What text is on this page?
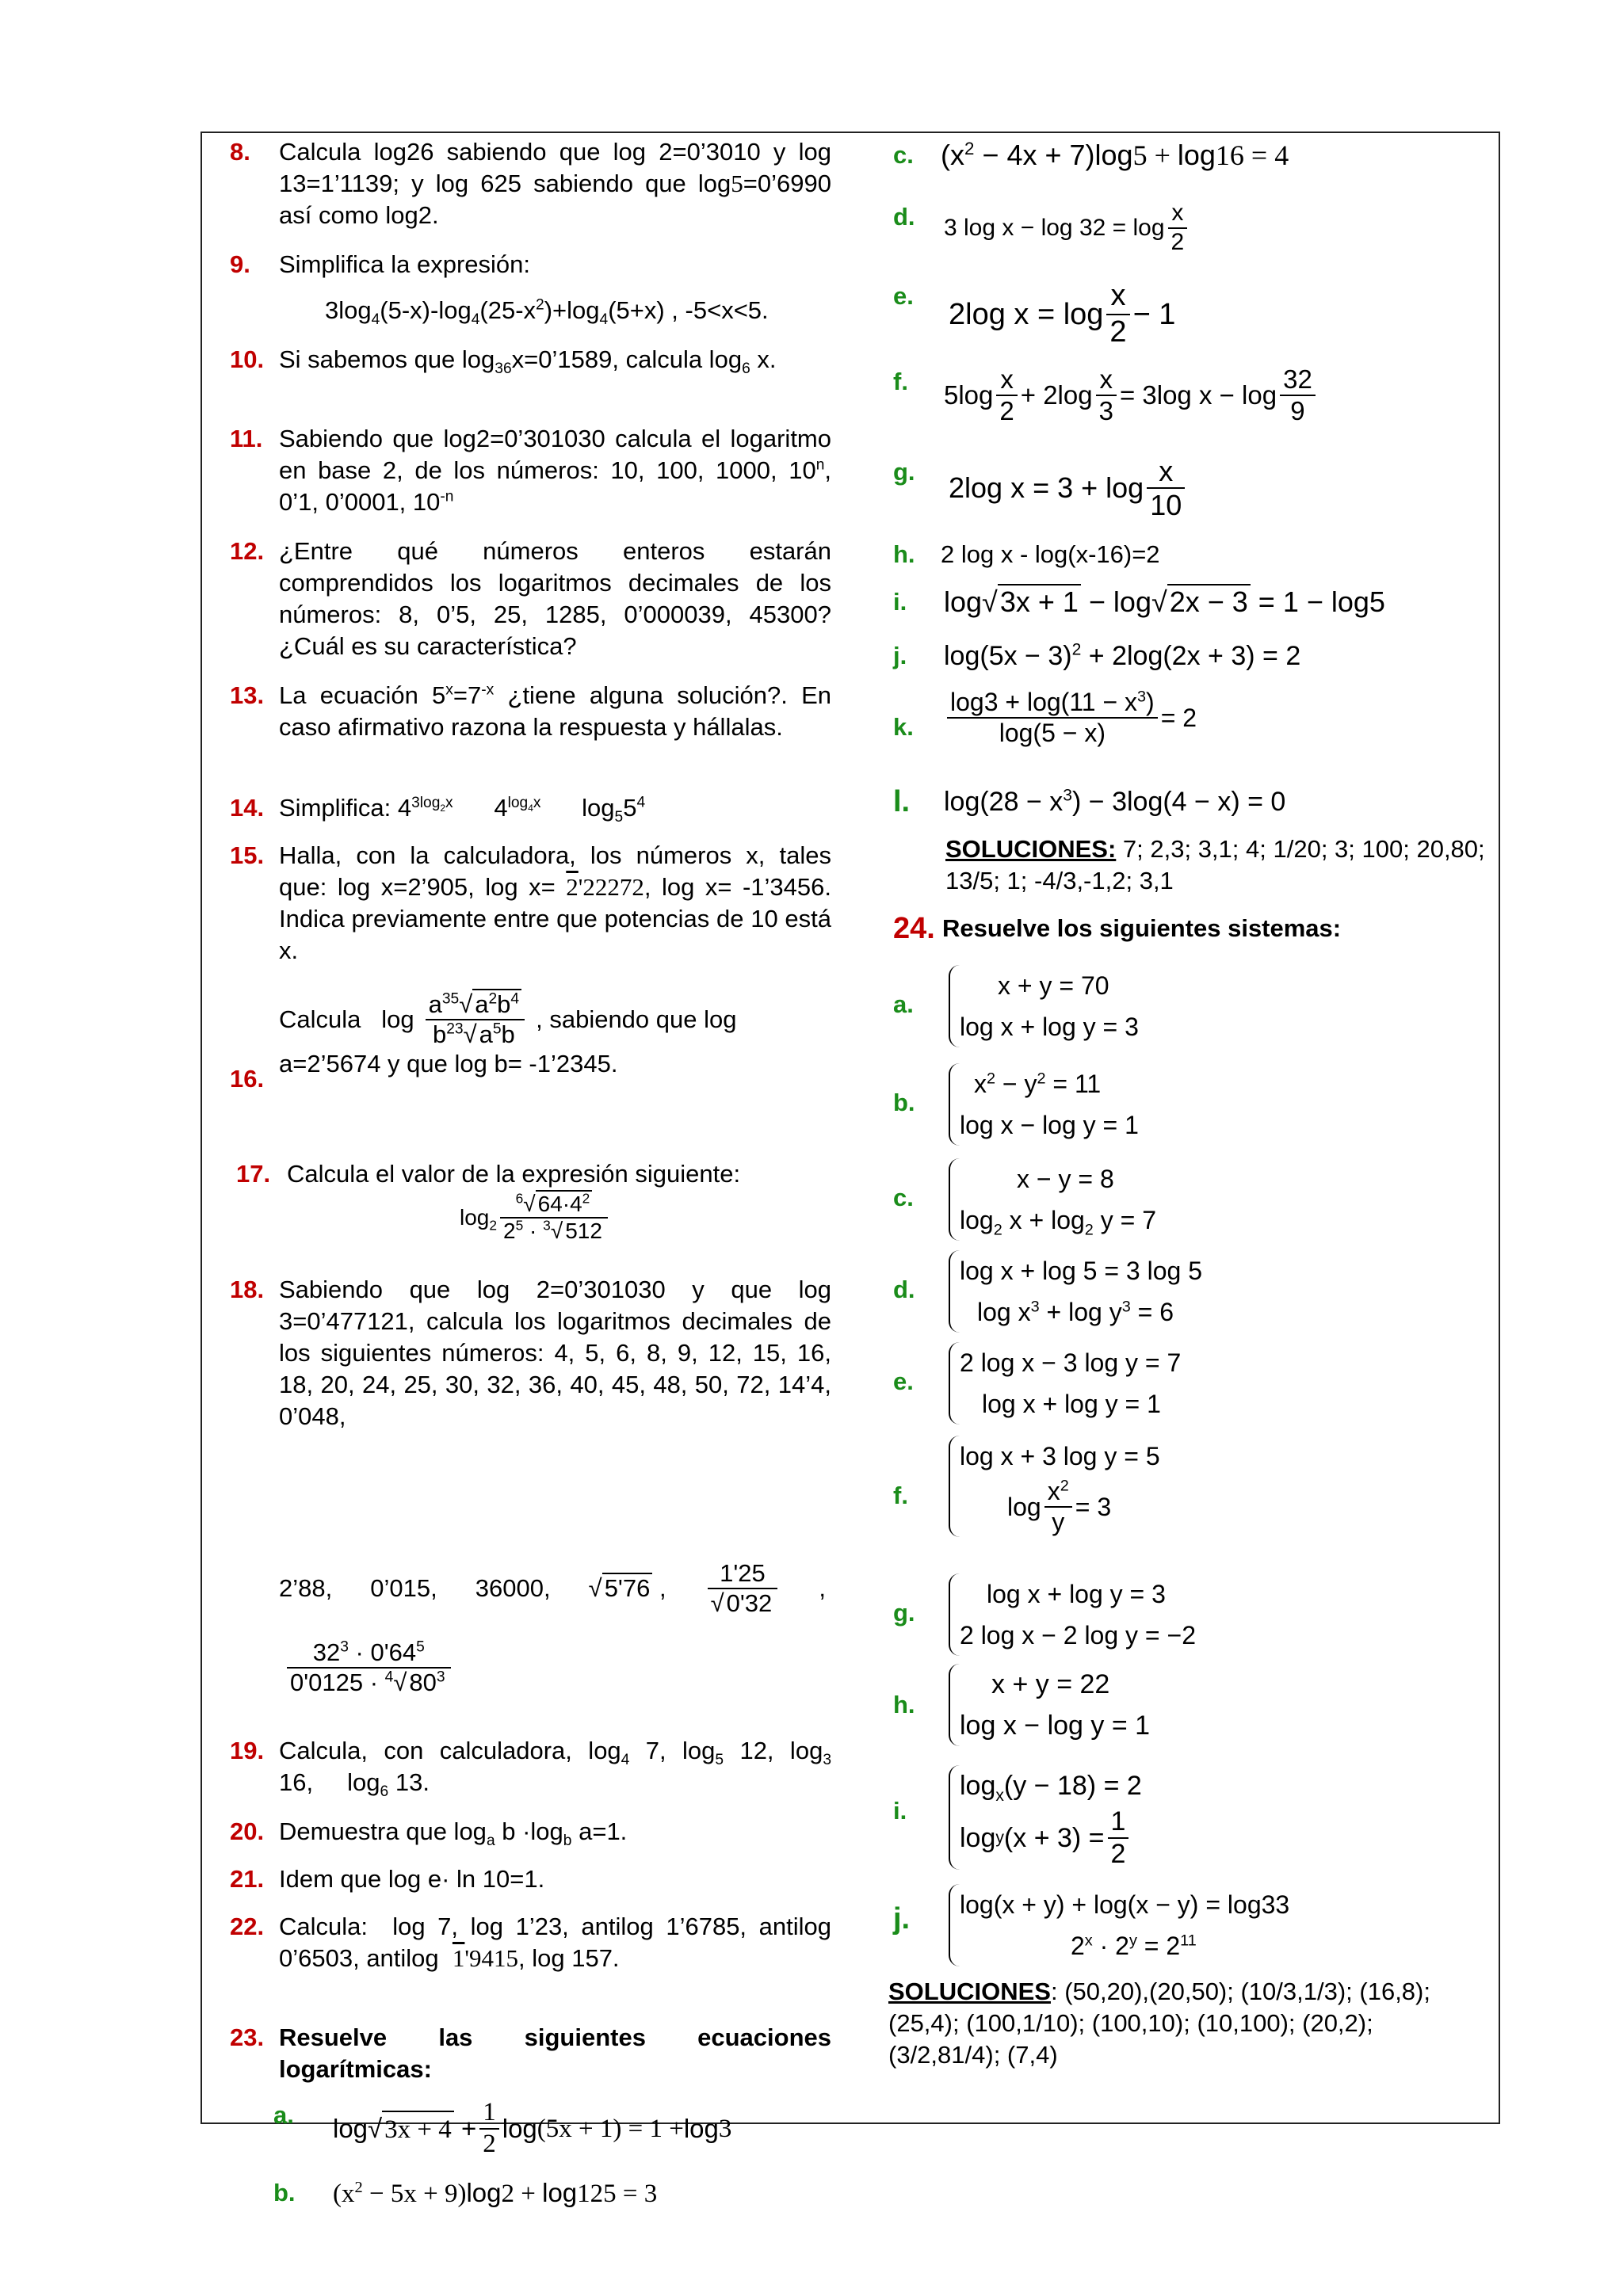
8. Calcula log26 sabiendo que log 2=0’3010 y log 13=1’1139; y log 625 sabiendo que log5=0’6990 así como log2.
9. Simplifica la expresión:
$3\log_4(5-x)-\log_4(25-x^2)+\log_4(5+x)$ , -5<x<5.
10. Si sabemos que $\log_{36}x=0’1589$, calcula $\log_6 x$.
11. Sabiendo que log2=0’301030 calcula el logaritmo en base 2, de los números: 10, 100, 1000, 10$^n$, 0’1, 0’0001, $10^{-n}$
12. ¿Entre qué números enteros estarán comprendidos los logaritmos decimales de los números: 8, 0’5, 25, 1285, 0’000039, 45300? ¿Cuál es su característica?
13. La ecuación $5^x=7^{-x}$ ¿tiene alguna solución?. En caso afirmativo razona la respuesta y hállalas.
14. Simplifica: $4^{3log_2x}$      $4^{log_4x}$      $\log_55^4$
15. Halla, con la calculadora, los números x, tales que: log x=2’905, log x= 2'22272, log x= -1’3456. Indica previamente entre que potencias de 10 está x.
16.
Calcula   $\log \frac{a^{35}√a^2b^4}{b^{23}√a^5b}$ , sabiendo que log
a=2’5674 y que log b= -1’2345.
17. Calcula el valor de la expresión siguiente:
$\log_2 \frac{^6√ 64\cdot 4^2}{2^5 \cdot ^3√ 512}$
18. Sabiendo que log 2=0’301030 y que log 3=0’477121, calcula los logaritmos decimales de los siguientes números: 4, 5, 6, 8, 9, 12, 15, 16, 18, 20, 24, 25, 30, 32, 36, 40, 45, 48, 50, 72, 14’4, 0’048,
2’88, 0’015, 36000, √5'76 , $\frac{1'25}{√0'32}$ ,
$\frac{32^3 \cdot 0'64^5}{0'0125 \cdot ^4√80^3}$
19. Calcula, con calculadora, $\log_4 7$, $\log_5 12$, $\log_3 16$,     $\log_6 13$.
20. Demuestra que $\log_a b \cdot\log_b$ a=1.
21. Idem que log e· ln 10=1.
22. Calcula:  log 7, log 1’23, antilog 1’6785, antilog 0’6503, antilog  1'9415, log 157.
23. Resuelve las siguientes ecuaciones logarítmicas:
a. log√ $3x + 4 + \frac{1}{2}$ log (5x + 1) = 1 + log 3
b. $(x^2 - 5x + 9)\log 2 + \log 125 = 3$
c. $(x^2 - 4x + 7)\log 5 + \log 16 = 4$
d. 3 $\log x - \log 32 = \log \frac{x}{2}$
e.
2log $x = \log \frac{x}{2} - 1$
f. $5\log \frac{x}{2} + 2\log \frac{x}{3} = 3\log$ $x - \log \frac{32}{9}$
g. 2log $x = 3 + \log \frac{x}{10}$
h. 2 log x - log(x-16)=2
i. log√3x + 1 − log√2x − 3 = 1 − log5
j. $\log(5x - 3)^2 + 2\log(2x + 3) = 2$
k. $\frac{\log 3 + \log(11 - x^3)}{\log(5 - x)} = 2$
l. $\log(28 - x^3) - 3\log(4 - x) = 0$
SOLUCIONES: 7; 2,3; 3,1; 4; 1/20; 3; 100; 20,80; 13/5; 1; -4/3,-1,2; 3,1
24. Resuelve los siguientes sistemas:
a.
x + y = 70
log x + log y = 3
b.
$x^2 - y^2 = 11$
log x − log y = 1
c.
x − y = 8
$\log_2 x + \log_2 y = 7$
d.
log x + log 5 = 3 log 5
$\log x^3 + \log y^3 = 6$
e.
2 log x − 3 log y = 7
log x + log y = 1
f.
log x + 3 log y = 5
$\log \frac{x^2}{y} = 3$
g.
log x + log y = 3
2 log x − 2 log y = −2
h.
x + y = 22
log x − log y = 1
i.
$\log_x(y - 18) = 2$
log y $(x + 3) = \frac{1}{2}$
j. log(x + y) + log(x − y) = log33
$2^x \cdot 2^y = 2^{11}$
SOLUCIONES: (50,20),(20,50); (10/3,1/3); (16,8); (25,4); (100,1/10); (100,10); (10,100); (20,2); (3/2,81/4); (7,4)
